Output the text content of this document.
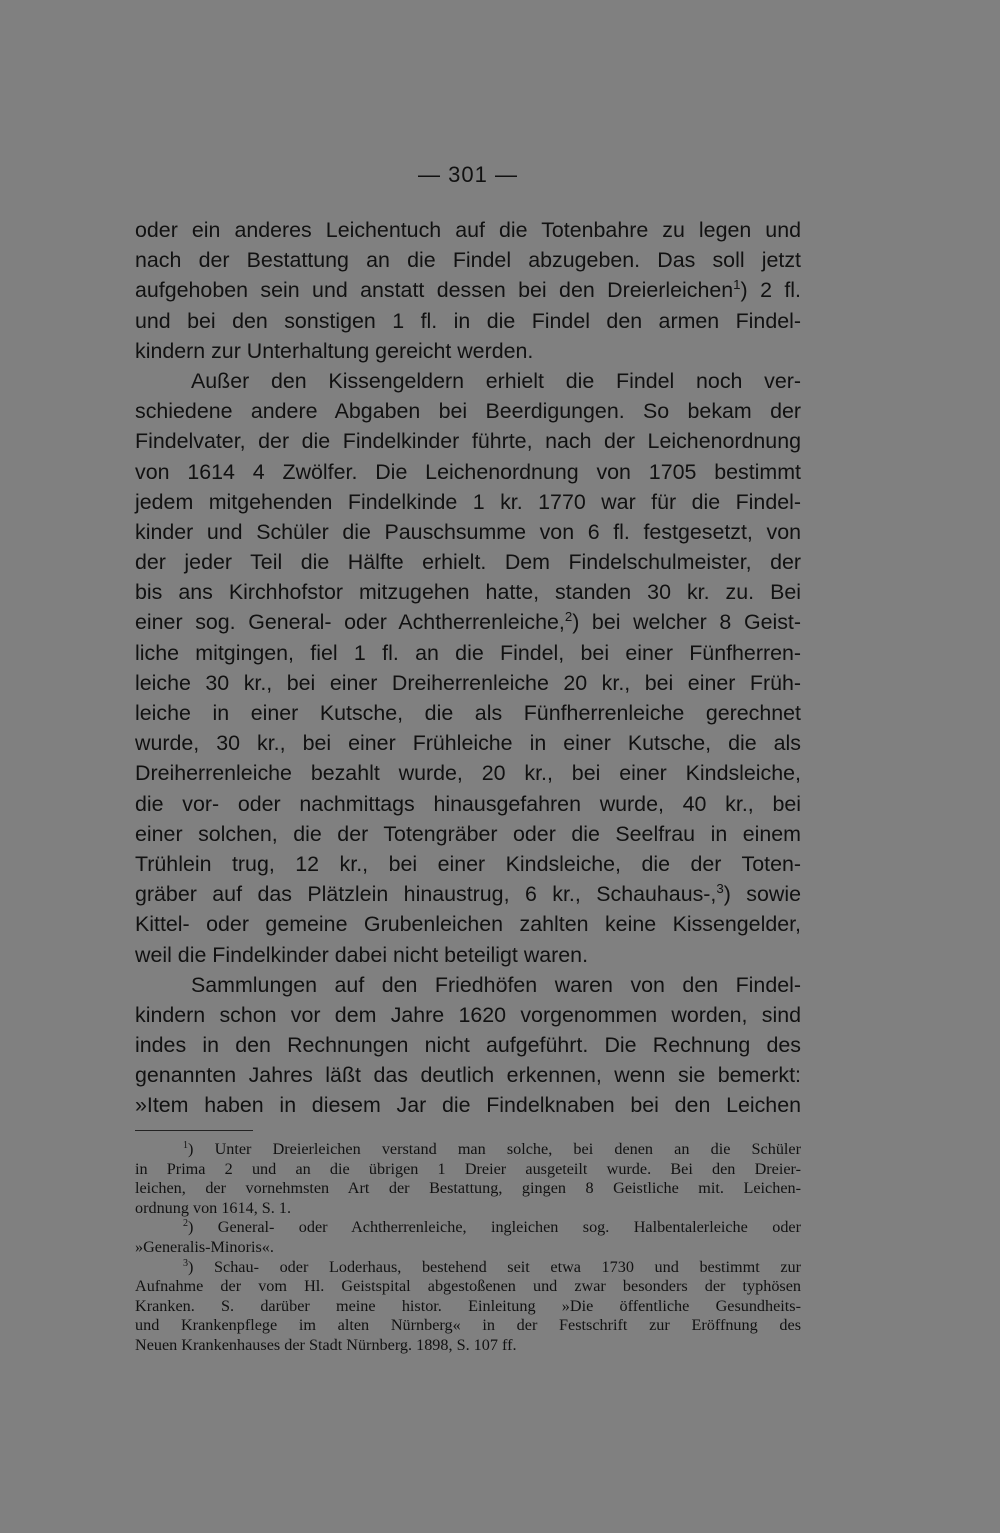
— 301 —
oder ein anderes Leichentuch auf die Totenbahre zu legen und
nach der Bestattung an die Findel abzugeben. Das soll jetzt
aufgehoben sein und anstatt dessen bei den Dreierleichen$^1$) 2 fl.
und bei den sonstigen 1 fl. in die Findel den armen Findel-
kindern zur Unterhaltung gereicht werden.
Außer den Kissengeldern erhielt die Findel noch ver-
schiedene andere Abgaben bei Beerdigungen. So bekam der
Findelvater, der die Findelkinder führte, nach der Leichenordnung
von 1614 4 Zwölfer. Die Leichenordnung von 1705 bestimmt
jedem mitgehenden Findelkinde 1 kr. 1770 war für die Findel-
kinder und Schüler die Pauschsumme von 6 fl. festgesetzt, von
der jeder Teil die Hälfte erhielt. Dem Findelschulmeister, der
bis ans Kirchhofstor mitzugehen hatte, standen 30 kr. zu. Bei
einer sog. General- oder Achtherrenleiche,$^2$) bei welcher 8 Geist-
liche mitgingen, fiel 1 fl. an die Findel, bei einer Fünfherren-
leiche 30 kr., bei einer Dreiherrenleiche 20 kr., bei einer Früh-
leiche in einer Kutsche, die als Fünfherrenleiche gerechnet
wurde, 30 kr., bei einer Frühleiche in einer Kutsche, die als
Dreiherrenleiche bezahlt wurde, 20 kr., bei einer Kindsleiche,
die vor- oder nachmittags hinausgefahren wurde, 40 kr., bei
einer solchen, die der Totengräber oder die Seelfrau in einem
Trühlein trug, 12 kr., bei einer Kindsleiche, die der Toten-
gräber auf das Plätzlein hinaustrug, 6 kr., Schauhaus-,$^3$) sowie
Kittel- oder gemeine Grubenleichen zahlten keine Kissengelder,
weil die Findelkinder dabei nicht beteiligt waren.
Sammlungen auf den Friedhöfen waren von den Findel-
kindern schon vor dem Jahre 1620 vorgenommen worden, sind
indes in den Rechnungen nicht aufgeführt. Die Rechnung des
genannten Jahres läßt das deutlich erkennen, wenn sie bemerkt:
»Item haben in diesem Jar die Findelknaben bei den Leichen
$^1$) Unter Dreierleichen verstand man solche, bei denen an die Schüler
in Prima 2 und an die übrigen 1 Dreier ausgeteilt wurde. Bei den Dreier-
leichen, der vornehmsten Art der Bestattung, gingen 8 Geistliche mit. Leichen-
ordnung von 1614, S. 1.
$^2$) General- oder Achtherrenleiche, ingleichen sog. Halbentalerleiche oder
»Generalis-Minoris«.
$^3$) Schau- oder Loderhaus, bestehend seit etwa 1730 und bestimmt zur
Aufnahme der vom Hl. Geistspital abgestoßenen und zwar besonders der typhösen
Kranken. S. darüber meine histor. Einleitung »Die öffentliche Gesundheits-
und Krankenpflege im alten Nürnberg« in der Festschrift zur Eröffnung des
Neuen Krankenhauses der Stadt Nürnberg. 1898, S. 107 ff.
